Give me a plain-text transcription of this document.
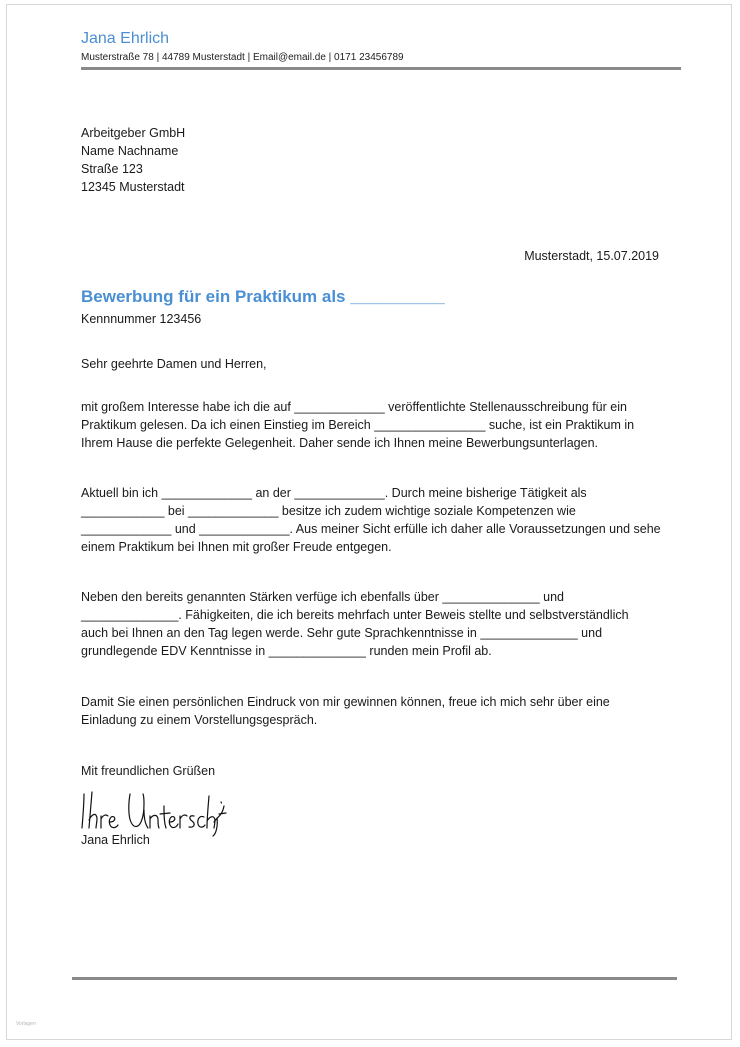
Jana Ehrlich
Musterstraße 78 | 44789 Musterstadt | Email@email.de | 0171 23456789
Arbeitgeber GmbH
Name Nachname
Straße 123
12345 Musterstadt
Musterstadt, 15.07.2019
Bewerbung für ein Praktikum als __________
Kennnummer 123456
Sehr geehrte Damen und Herren,
mit großem Interesse habe ich die auf _____________ veröffentlichte Stellenausschreibung für ein
Praktikum gelesen. Da ich einen Einstieg im Bereich ________________ suche, ist ein Praktikum in
Ihrem Hause die perfekte Gelegenheit. Daher sende ich Ihnen meine Bewerbungsunterlagen.
Aktuell bin ich _____________ an der _____________. Durch meine bisherige Tätigkeit als
____________ bei _____________ besitze ich zudem wichtige soziale Kompetenzen wie
_____________ und _____________. Aus meiner Sicht erfülle ich daher alle Voraussetzungen und sehe
einem Praktikum bei Ihnen mit großer Freude entgegen.
Neben den bereits genannten Stärken verfüge ich ebenfalls über ______________ und
______________. Fähigkeiten, die ich bereits mehrfach unter Beweis stellte und selbstverständlich
auch bei Ihnen an den Tag legen werde. Sehr gute Sprachkenntnisse in ______________ und
grundlegende EDV Kenntnisse in ______________ runden mein Profil ab.
Damit Sie einen persönlichen Eindruck von mir gewinnen können, freue ich mich sehr über eine
Einladung zu einem Vorstellungsgespräch.
Mit freundlichen Grüßen
Jana Ehrlich
Vorlagen
